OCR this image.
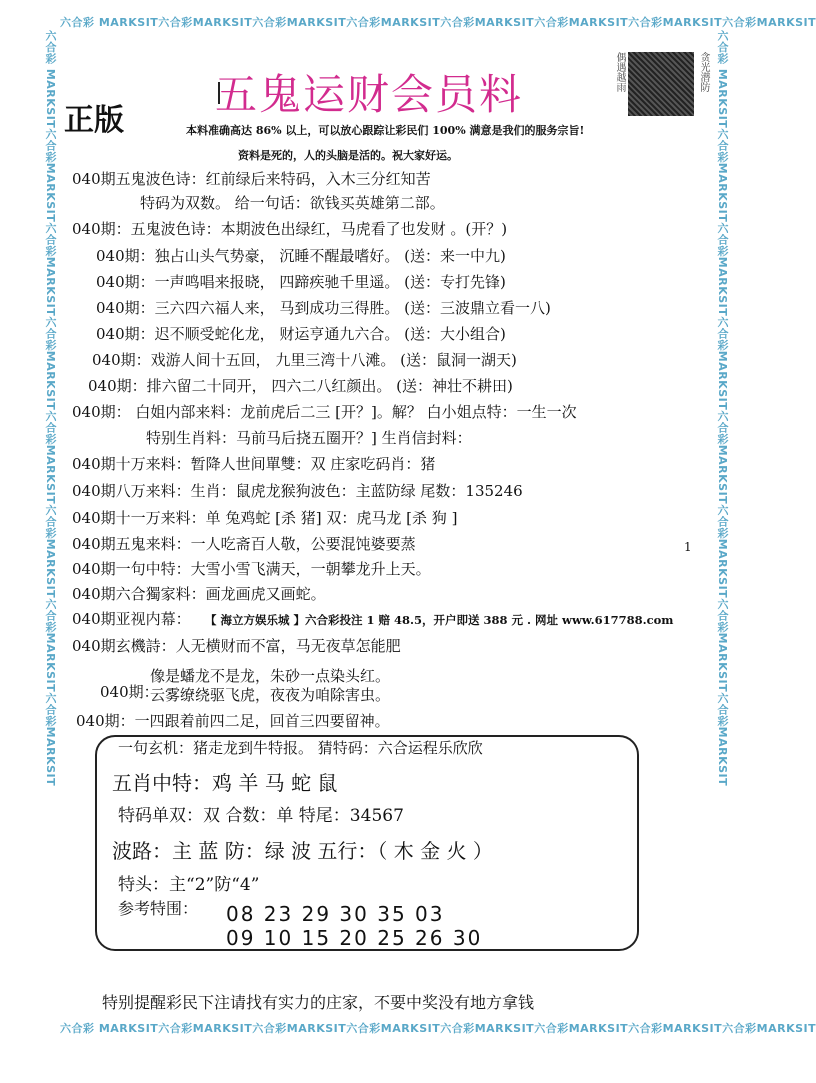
六合彩 MARKSIT六合彩MARKSIT六合彩MARKSIT六合彩MARKSIT六合彩MARKSIT六合彩MARKSIT六合彩MARKSIT六合彩MARKSIT
六合彩 MARKSIT六合彩MARKSIT六合彩MARKSIT六合彩MARKSIT六合彩MARKSIT六合彩MARKSIT六合彩MARKSIT六合彩MARKSIT
六合彩 MARKSIT六合彩MARKSIT六合彩MARKSIT六合彩MARKSIT六合彩MARKSIT六合彩MARKSIT六合彩MARKSIT六合彩MARKSIT	六合彩 MARKSIT六合彩MARKSIT六合彩MARKSIT六合彩MARKSIT六合彩MARKSIT六合彩MARKSIT六合彩MARKSIT六合彩MARKSIT
五鬼运财会员料
正版
偶遇越雨	贪光潜防
本料准确高达 86% 以上，可以放心跟踪让彩民们 100% 满意是我们的服务宗旨!
资料是死的，人的头脑是活的。祝大家好运。
040期五鬼波色诗：红前绿后来特码，入木三分红知苦
特码为双数。 给一句话：欲钱买英雄第二部。
040期：五鬼波色诗：本期波色出绿红，马虎看了也发财 。(开？)
040期：独占山头气势豪， 沉睡不醒最嗜好。 (送：来一中九)
040期：一声鸣唱来报晓， 四蹄疾驰千里遥。 (送：专打先锋)
040期：三六四六福人来， 马到成功三得胜。 (送：三波鼎立看一八)
040期：迟不顺受蛇化龙， 财运亨通九六合。 (送：大小组合)
040期：戏游人间十五回， 九里三湾十八滩。 (送：鼠洞一湖天)
040期：排六留二十同开， 四六二八红颜出。 (送：神壮不耕田)
040期： 白姐内部来料：龙前虎后二三 [开？]。解？ 白小姐点特：一生一次
特别生肖料：马前马后挠五圈开？] 生肖信封料：
040期十万来料：暂降人世间單雙：双 庄家吃码肖：猪
040期八万来料：生肖：鼠虎龙猴狗波色：主蓝防绿 尾数：135246
040期十一万来料：单 兔鸡蛇 [杀 猪] 双：虎马龙 [杀 狗 ]
040期五鬼来料：一人吃斋百人敬，公要混饨婆要蒸
040期一句中特：大雪小雪飞满天，一朝攀龙升上天。
040期六合獨家料：画龙画虎又画蛇。
040期亚视内幕： 【 海立方娱乐城 】六合彩投注 1 赔 48.5，开户即送 388 元 . 网址 www.617788.com
040期玄機詩：人无横财而不富，马无夜草怎能肥
像是蟠龙不是龙，朱砂一点染头红。
040期：
云雾缭绕驱飞虎，夜夜为咱除害虫。
040期：一四跟着前四二足，回首三四要留神。
1
一句玄机：猪走龙到牛特报。 猜特码：六合运程乐欣欣
五肖中特：鸡 羊 马 蛇 鼠
特码单双：双 合数：单 特尾：34567
波路：主 蓝 防：绿 波 五行：（ 木 金 火 ）
特头：主“2”防“4”
参考特围： 08 23 29 30 35 03
09 10 15 20 25 26 30
特别提醒彩民下注请找有实力的庄家，不要中奖没有地方拿钱
